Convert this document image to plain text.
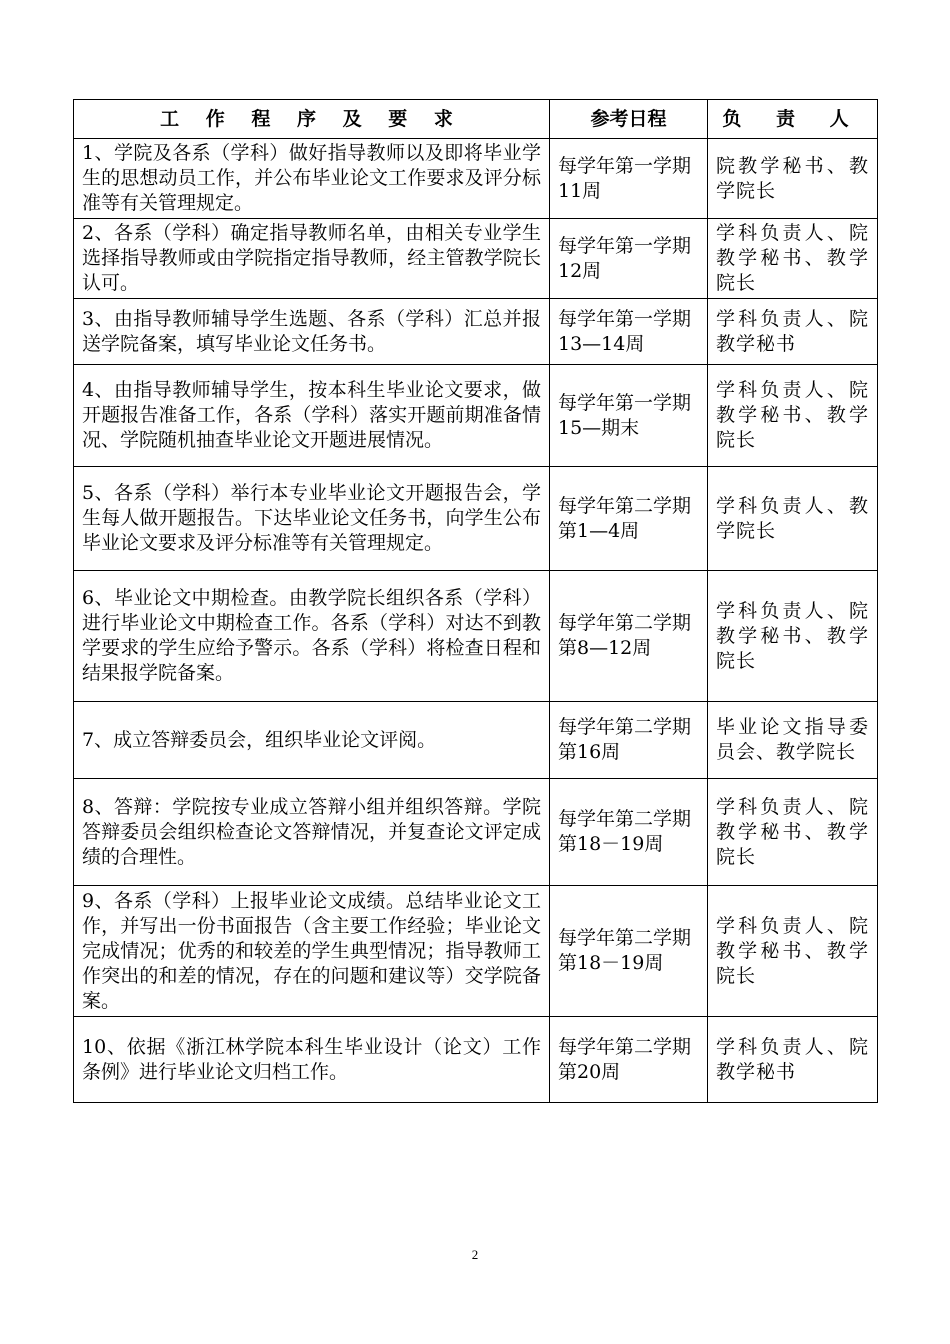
工 作 程 序 及 要 求	参考日程	负 责 人
1、学院及各系（学科）做好指导教师以及即将毕业学生的思想动员工作，并公布毕业论文工作要求及评分标准等有关管理规定。	每学年第一学期11周	院教学秘书、教学院长
2、各系（学科）确定指导教师名单，由相关专业学生选择指导教师或由学院指定指导教师，经主管教学院长认可。	每学年第一学期12周	学科负责人、院教学秘书、教学院长
3、由指导教师辅导学生选题、各系（学科）汇总并报送学院备案，填写毕业论文任务书。	每学年第一学期13—14周	学科负责人、院教学秘书
4、由指导教师辅导学生，按本科生毕业论文要求，做开题报告准备工作，各系（学科）落实开题前期准备情况、学院随机抽查毕业论文开题进展情况。	每学年第一学期15—期末	学科负责人、院教学秘书、教学院长
5、各系（学科）举行本专业毕业论文开题报告会，学生每人做开题报告。下达毕业论文任务书，向学生公布毕业论文要求及评分标准等有关管理规定。	每学年第二学期第1—4周	学科负责人、教学院长
6、毕业论文中期检查。由教学院长组织各系（学科）进行毕业论文中期检查工作。各系（学科）对达不到教学要求的学生应给予警示。各系（学科）将检查日程和结果报学院备案。	每学年第二学期第8—12周	学科负责人、院教学秘书、教学院长
7、成立答辩委员会，组织毕业论文评阅。	每学年第二学期第16周	毕业论文指导委员会、教学院长
8、答辩：学院按专业成立答辩小组并组织答辩。学院答辩委员会组织检查论文答辩情况，并复查论文评定成绩的合理性。	每学年第二学期第18－19周	学科负责人、院教学秘书、教学院长
9、各系（学科）上报毕业论文成绩。总结毕业论文工作，并写出一份书面报告（含主要工作经验；毕业论文完成情况；优秀的和较差的学生典型情况；指导教师工作突出的和差的情况，存在的问题和建议等）交学院备案。	每学年第二学期第18－19周	学科负责人、院教学秘书、教学院长
10、依据《浙江林学院本科生毕业设计（论文）工作条例》进行毕业论文归档工作。	每学年第二学期第20周	学科负责人、院教学秘书
2
